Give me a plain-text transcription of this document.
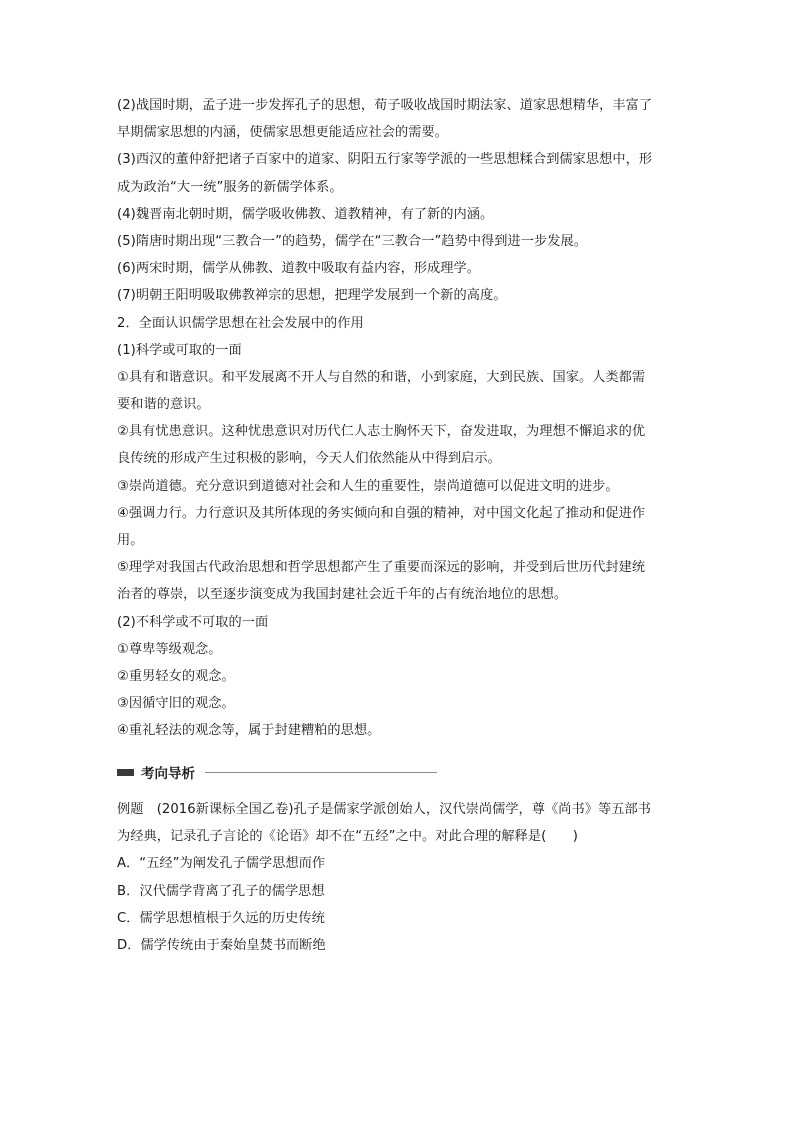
(2)战国时期，孟子进一步发挥孔子的思想，荀子吸收战国时期法家、道家思想精华，丰富了
早期儒家思想的内涵，使儒家思想更能适应社会的需要。
(3)西汉的董仲舒把诸子百家中的道家、阴阳五行家等学派的一些思想糅合到儒家思想中，形
成为政治“大一统”服务的新儒学体系。
(4)魏晋南北朝时期，儒学吸收佛教、道教精神，有了新的内涵。
(5)隋唐时期出现“三教合一”的趋势，儒学在“三教合一”趋势中得到进一步发展。
(6)两宋时期，儒学从佛教、道教中吸取有益内容，形成理学。
(7)明朝王阳明吸取佛教禅宗的思想，把理学发展到一个新的高度。
2．全面认识儒学思想在社会发展中的作用
(1)科学或可取的一面
①具有和谐意识。和平发展离不开人与自然的和谐，小到家庭，大到民族、国家。人类都需
要和谐的意识。
②具有忧患意识。这种忧患意识对历代仁人志士胸怀天下，奋发进取，为理想不懈追求的优
良传统的形成产生过积极的影响，今天人们依然能从中得到启示。
③崇尚道德。充分意识到道德对社会和人生的重要性，崇尚道德可以促进文明的进步。
④强调力行。力行意识及其所体现的务实倾向和自强的精神，对中国文化起了推动和促进作
用。
⑤理学对我国古代政治思想和哲学思想都产生了重要而深远的影响，并受到后世历代封建统
治者的尊崇，以至逐步演变成为我国封建社会近千年的占有统治地位的思想。
(2)不科学或不可取的一面
①尊卑等级观念。
②重男轻女的观念。
③因循守旧的观念。
④重礼轻法的观念等，属于封建糟粕的思想。
考向导析
例题　(2016新课标全国乙卷)孔子是儒家学派创始人，汉代崇尚儒学，尊《尚书》等五部书
为经典，记录孔子言论的《论语》却不在“五经”之中。对此合理的解释是(　　)
A．“五经”为阐发孔子儒学思想而作
B．汉代儒学背离了孔子的儒学思想
C．儒学思想植根于久远的历史传统
D．儒学传统由于秦始皇焚书而断绝
